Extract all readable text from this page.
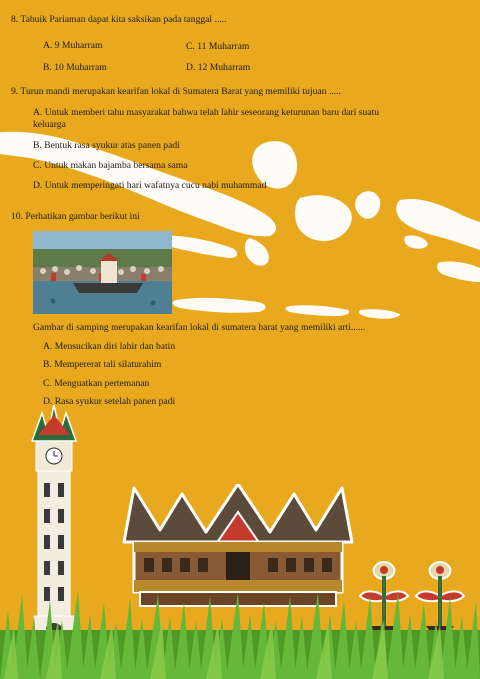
8. Tabuik Pariaman dapat kita saksikan pada tanggal .....
A. 9 Muharram	C. 11 Muharram
B. 10 Muharram	D. 12 Muharram
9. Turun mandi merupakan kearifan lokal di Sumatera Barat yang memiliki tujuan .....
A. Untuk memberi tahu masyarakat bahwa telah lahir seseorang keturunan baru dari suatu keluarga
B. Bentuk rasa syukur atas panen padi
C. Untuk makan bajamba bersama sama
D. Untuk memperingati hari wafatnya cucu nabi muhammad
10. Perhatikan gambar berikut ini
Gambar di samping merupakan kearifan lokal di sumatera barat yang memiliki arti......
A. Mensucikan diri lahir dan batin
B. Mempererat tali silaturahim
C. Menguatkan pertemanan
D. Rasa syukur setelah panen padi
